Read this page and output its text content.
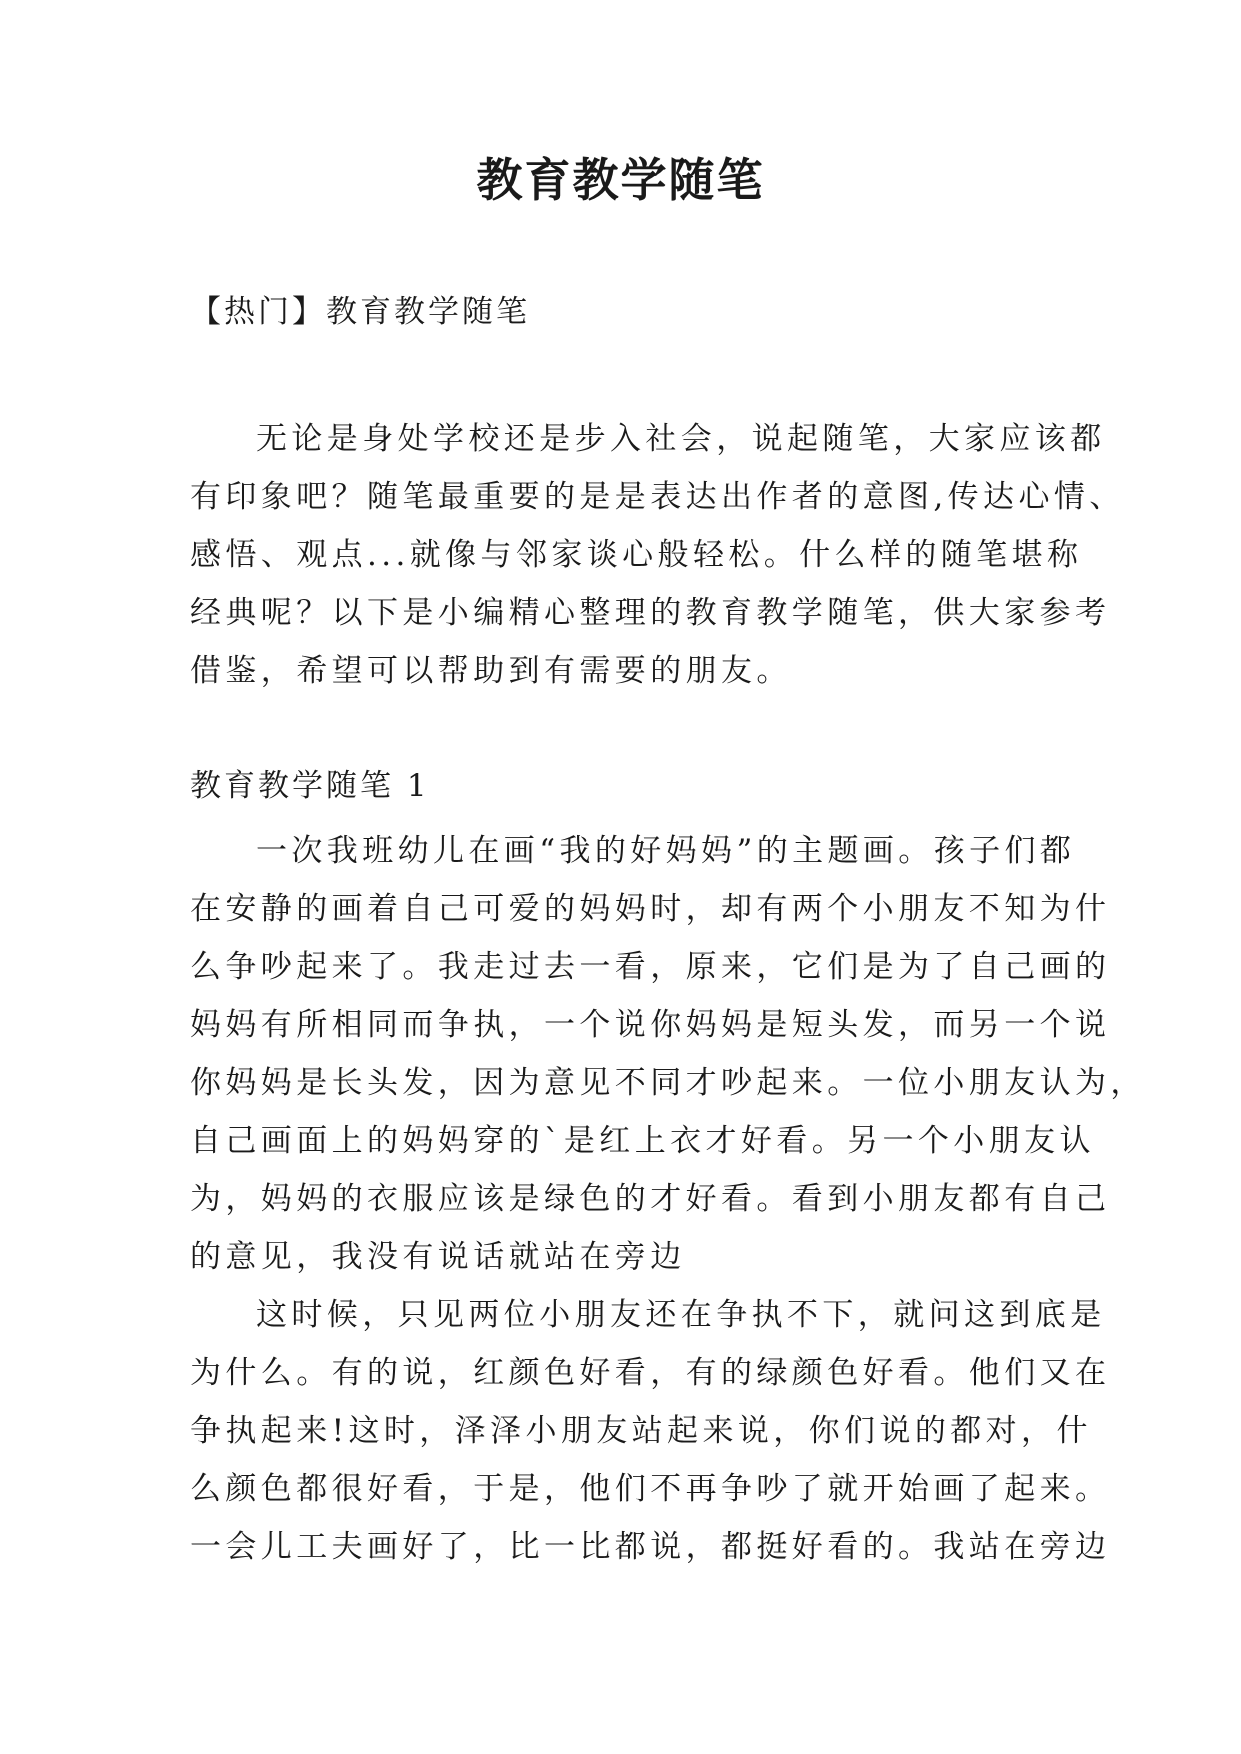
教育教学随笔
【热门】教育教学随笔
无论是身处学校还是步入社会，说起随笔，大家应该都
有印象吧？随笔最重要的是是表达出作者的意图,传达心情、
感悟、观点...就像与邻家谈心般轻松。什么样的随笔堪称
经典呢？以下是小编精心整理的教育教学随笔，供大家参考
借鉴，希望可以帮助到有需要的朋友。
教育教学随笔 1
一次我班幼儿在画“我的好妈妈”的主题画。孩子们都
在安静的画着自己可爱的妈妈时，却有两个小朋友不知为什
么争吵起来了。我走过去一看，原来，它们是为了自己画的
妈妈有所相同而争执，一个说你妈妈是短头发，而另一个说
你妈妈是长头发，因为意见不同才吵起来。一位小朋友认为，
自己画面上的妈妈穿的`是红上衣才好看。另一个小朋友认
为，妈妈的衣服应该是绿色的才好看。看到小朋友都有自己
的意见，我没有说话就站在旁边
这时候，只见两位小朋友还在争执不下，就问这到底是
为什么。有的说，红颜色好看，有的绿颜色好看。他们又在
争执起来!这时，泽泽小朋友站起来说，你们说的都对，什
么颜色都很好看，于是，他们不再争吵了就开始画了起来。
一会儿工夫画好了，比一比都说，都挺好看的。我站在旁边
